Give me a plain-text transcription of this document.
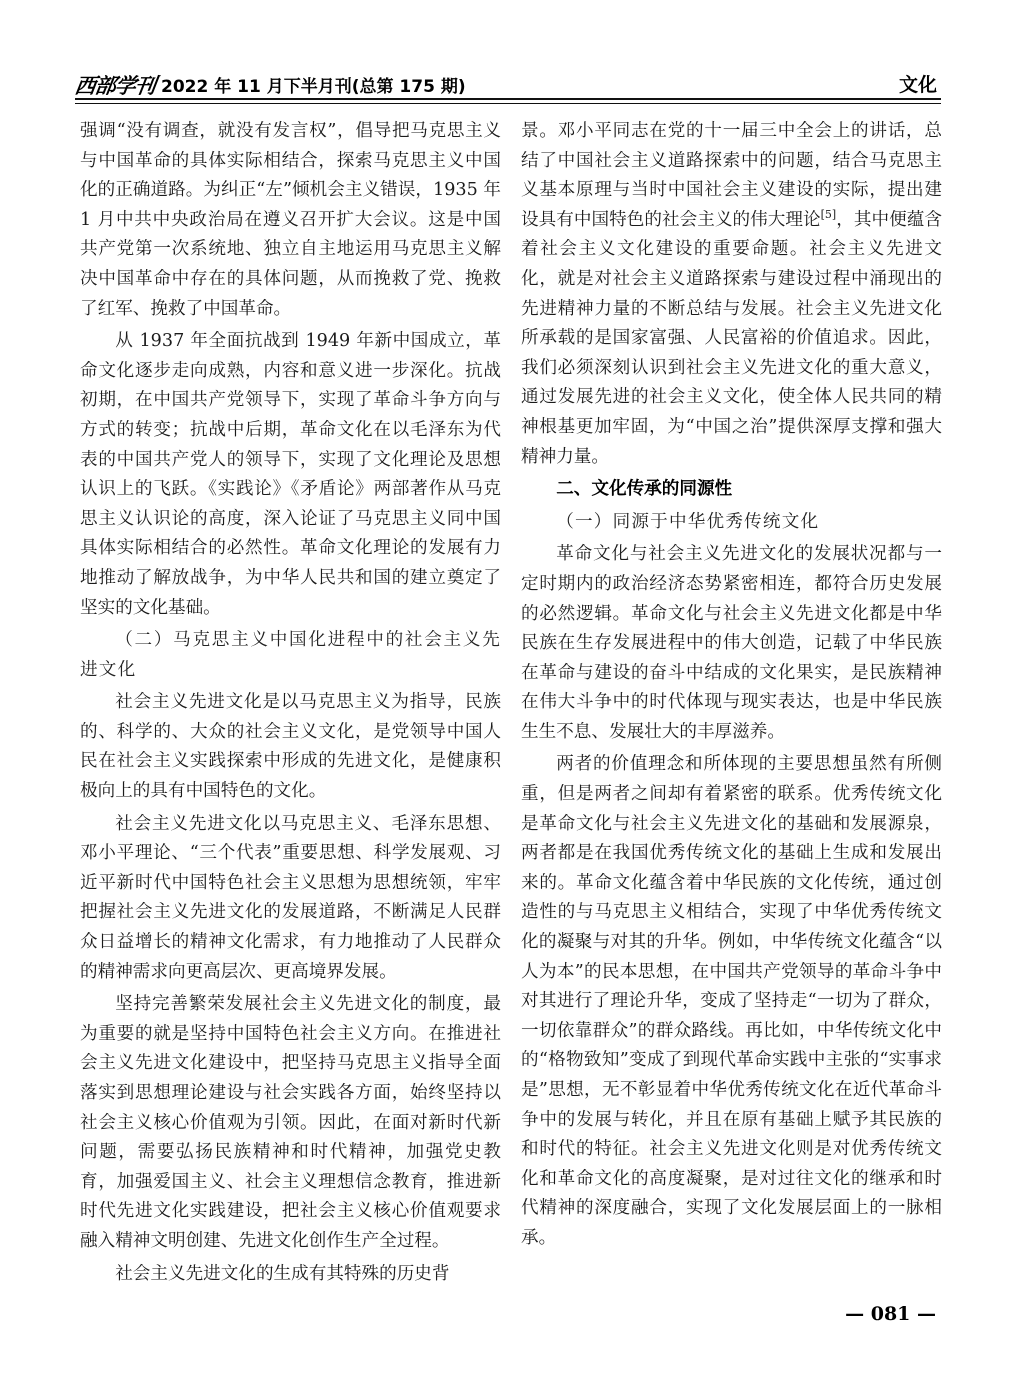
西部学刊 2022 年 11 月下半月刊(总第 175 期)	文化

强调“没有调查，就没有发言权”，倡导把马克思主义与中国革命的具体实际相结合，探索马克思主义中国化的正确道路。为纠正“左”倾机会主义错误，1935 年 1 月中共中央政治局在遵义召开扩大会议。这是中国共产党第一次系统地、独立自主地运用马克思主义解决中国革命中存在的具体问题，从而挽救了党、挽救了红军、挽救了中国革命。

从 1937 年全面抗战到 1949 年新中国成立，革命文化逐步走向成熟，内容和意义进一步深化。抗战初期，在中国共产党领导下，实现了革命斗争方向与方式的转变；抗战中后期，革命文化在以毛泽东为代表的中国共产党人的领导下，实现了文化理论及思想认识上的飞跃。《实践论》《矛盾论》两部著作从马克思主义认识论的高度，深入论证了马克思主义同中国具体实际相结合的必然性。革命文化理论的发展有力地推动了解放战争，为中华人民共和国的建立奠定了坚实的文化基础。

（二）马克思主义中国化进程中的社会主义先进文化

社会主义先进文化是以马克思主义为指导，民族的、科学的、大众的社会主义文化，是党领导中国人民在社会主义实践探索中形成的先进文化，是健康积极向上的具有中国特色的文化。

社会主义先进文化以马克思主义、毛泽东思想、邓小平理论、“三个代表”重要思想、科学发展观、习近平新时代中国特色社会主义思想为思想统领，牢牢把握社会主义先进文化的发展道路，不断满足人民群众日益增长的精神文化需求，有力地推动了人民群众的精神需求向更高层次、更高境界发展。

坚持完善繁荣发展社会主义先进文化的制度，最为重要的就是坚持中国特色社会主义方向。在推进社会主义先进文化建设中，把坚持马克思主义指导全面落实到思想理论建设与社会实践各方面，始终坚持以社会主义核心价值观为引领。因此，在面对新时代新问题，需要弘扬民族精神和时代精神，加强党史教育，加强爱国主义、社会主义理想信念教育，推进新时代先进文化实践建设，把社会主义核心价值观要求融入精神文明创建、先进文化创作生产全过程。

社会主义先进文化的生成有其特殊的历史背

景。邓小平同志在党的十一届三中全会上的讲话，总结了中国社会主义道路探索中的问题，结合马克思主义基本原理与当时中国社会主义建设的实际，提出建设具有中国特色的社会主义的伟大理论[5]，其中便蕴含着社会主义文化建设的重要命题。社会主义先进文化，就是对社会主义道路探索与建设过程中涌现出的先进精神力量的不断总结与发展。社会主义先进文化所承载的是国家富强、人民富裕的价值追求。因此，我们必须深刻认识到社会主义先进文化的重大意义，通过发展先进的社会主义文化，使全体人民共同的精神根基更加牢固，为“中国之治”提供深厚支撑和强大精神力量。

二、文化传承的同源性
（一）同源于中华优秀传统文化

革命文化与社会主义先进文化的发展状况都与一定时期内的政治经济态势紧密相连，都符合历史发展的必然逻辑。革命文化与社会主义先进文化都是中华民族在生存发展进程中的伟大创造，记载了中华民族在革命与建设的奋斗中结成的文化果实，是民族精神在伟大斗争中的时代体现与现实表达，也是中华民族生生不息、发展壮大的丰厚滋养。

两者的价值理念和所体现的主要思想虽然有所侧重，但是两者之间却有着紧密的联系。优秀传统文化是革命文化与社会主义先进文化的基础和发展源泉，两者都是在我国优秀传统文化的基础上生成和发展出来的。革命文化蕴含着中华民族的文化传统，通过创造性的与马克思主义相结合，实现了中华优秀传统文化的凝聚与对其的升华。例如，中华传统文化蕴含“以人为本”的民本思想，在中国共产党领导的革命斗争中对其进行了理论升华，变成了坚持走“一切为了群众，一切依靠群众”的群众路线。再比如，中华传统文化中的“格物致知”变成了到现代革命实践中主张的“实事求是”思想，无不彰显着中华优秀传统文化在近代革命斗争中的发展与转化，并且在原有基础上赋予其民族的和时代的特征。社会主义先进文化则是对优秀传统文化和革命文化的高度凝聚，是对过往文化的继承和时代精神的深度融合，实现了文化发展层面上的一脉相承。

— 081 —
